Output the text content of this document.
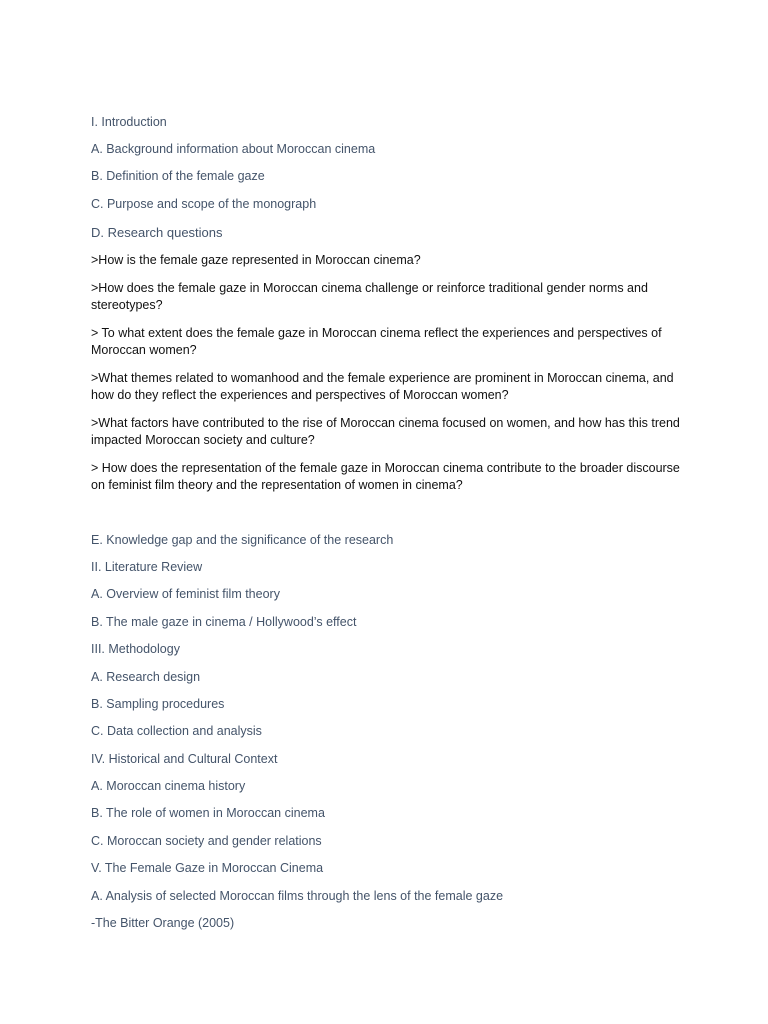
I. Introduction
A. Background information about Moroccan cinema
B. Definition of the female gaze
C. Purpose and scope of the monograph
D. Research questions
>How is the female gaze represented in Moroccan cinema?
>How does the female gaze in Moroccan cinema challenge or reinforce traditional gender norms and stereotypes?
> To what extent does the female gaze in Moroccan cinema reflect the experiences and perspectives of Moroccan women?
>What themes related to womanhood and the female experience are prominent in Moroccan cinema, and how do they reflect the experiences and perspectives of Moroccan women?
>What factors have contributed to the rise of Moroccan cinema focused on women, and how has this trend impacted Moroccan society and culture?
> How does the representation of the female gaze in Moroccan cinema contribute to the broader discourse on feminist film theory and the representation of women in cinema?
E. Knowledge gap and the significance of the research
II. Literature Review
A. Overview of feminist film theory
B. The male gaze in cinema / Hollywood’s effect
III. Methodology
A. Research design
B. Sampling procedures
C. Data collection and analysis
IV. Historical and Cultural Context
A. Moroccan cinema history
B. The role of women in Moroccan cinema
C. Moroccan society and gender relations
V. The Female Gaze in Moroccan Cinema
A. Analysis of selected Moroccan films through the lens of the female gaze
-The Bitter Orange (2005)
